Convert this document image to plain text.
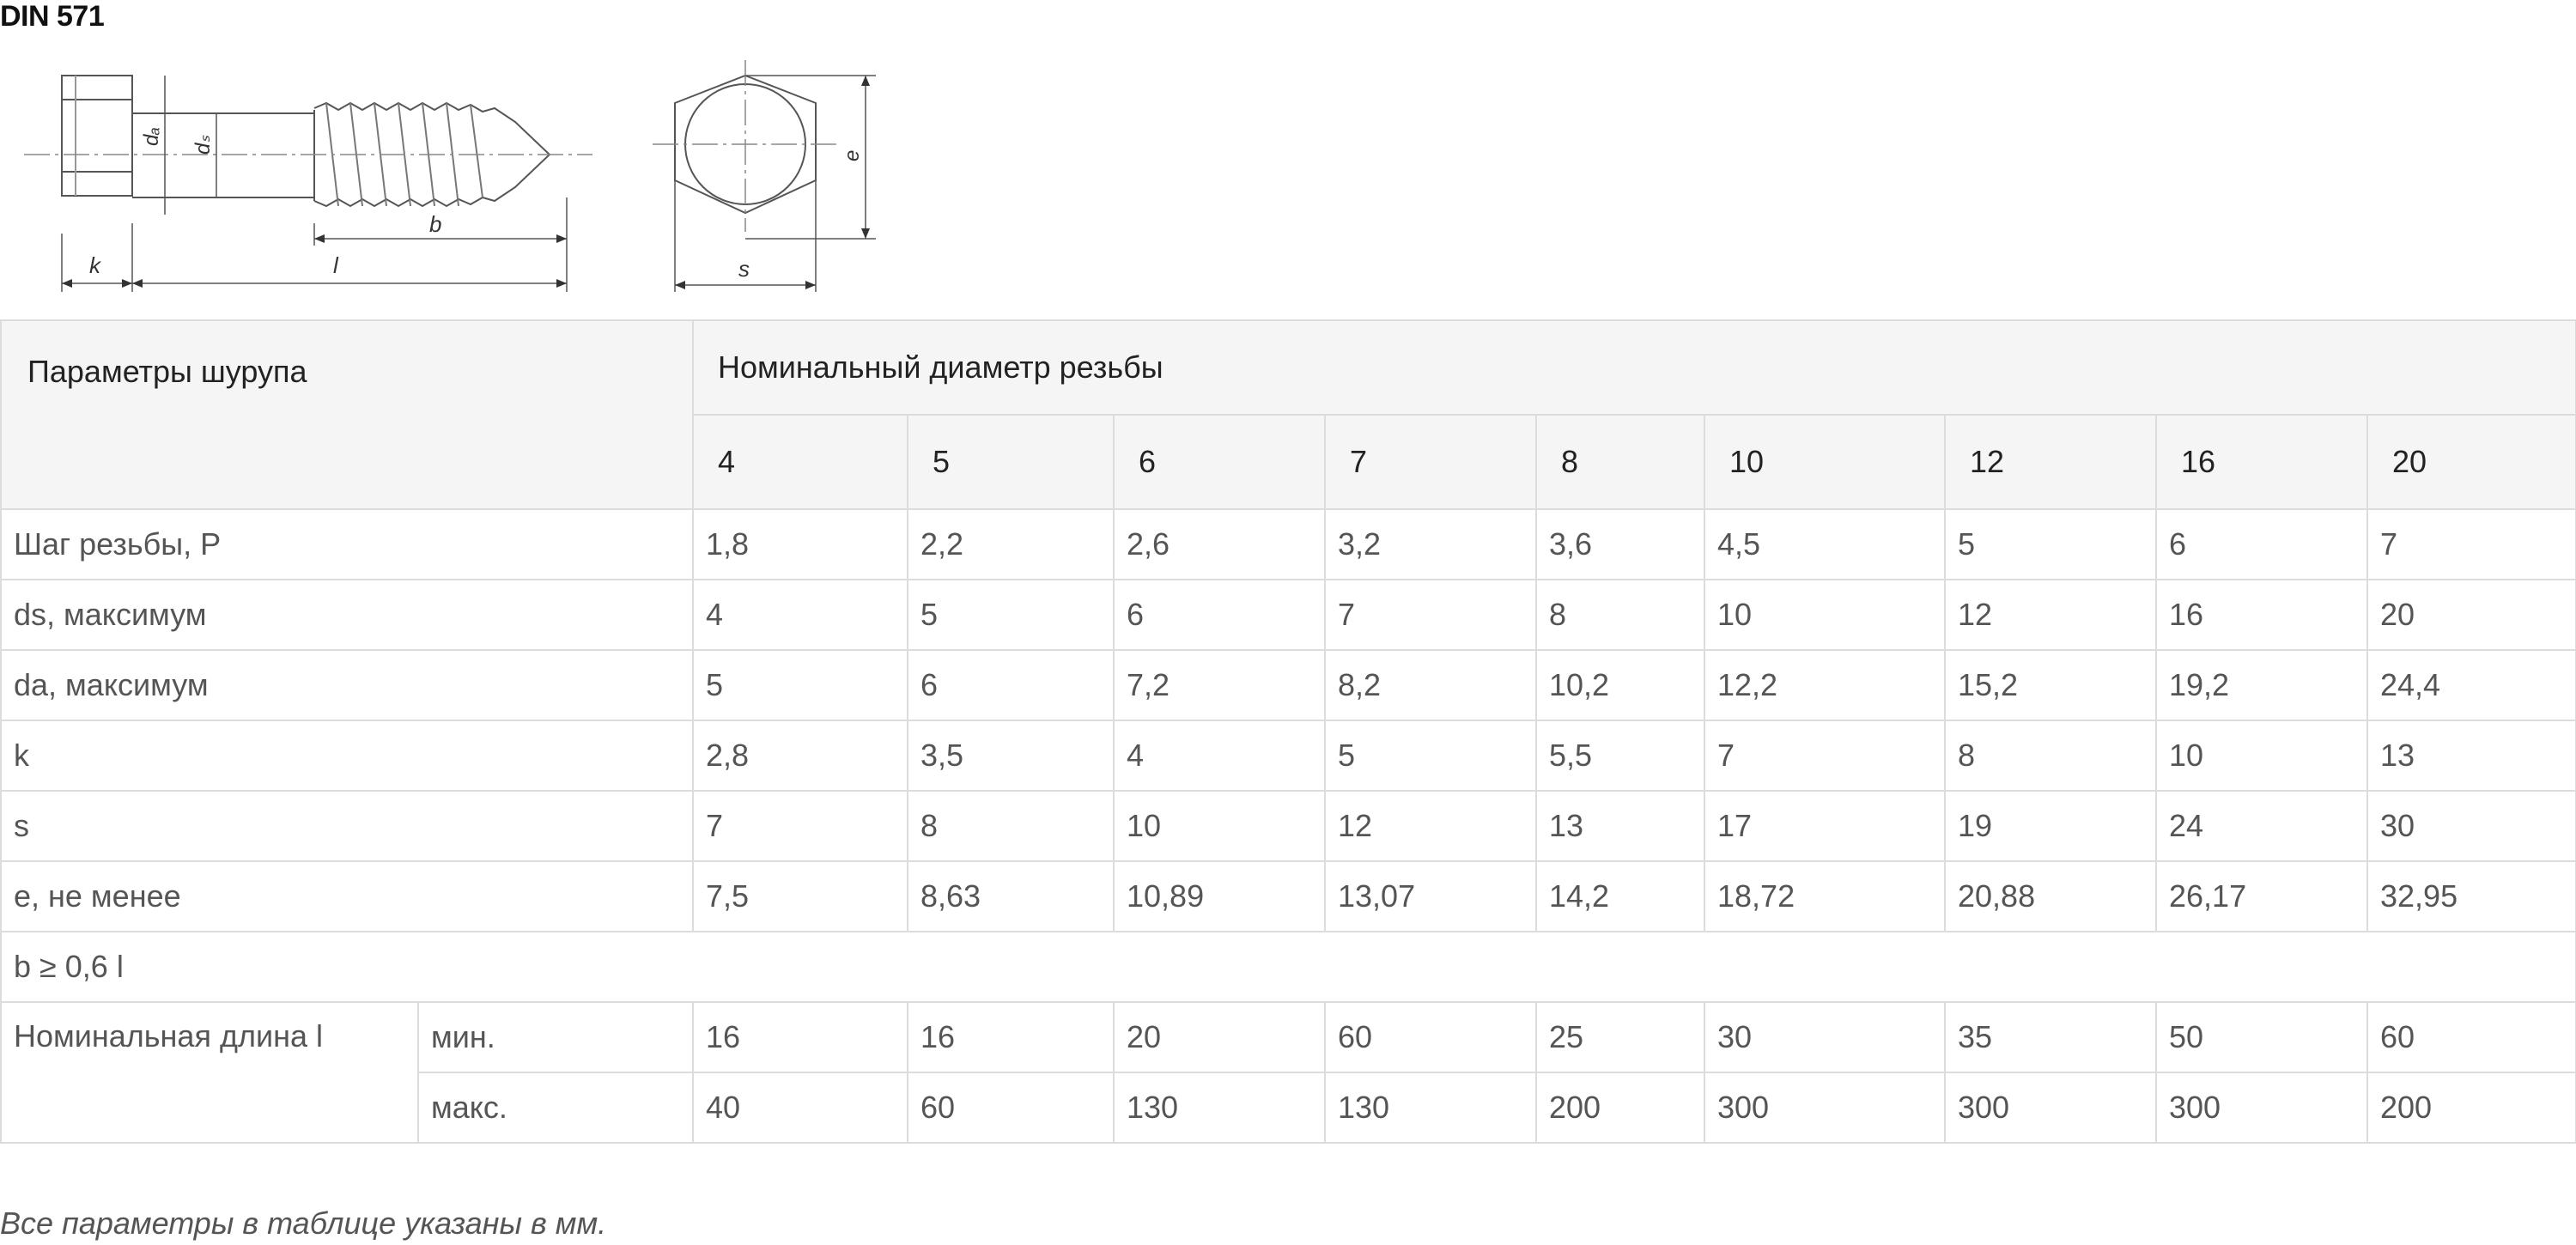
DIN 571
k	l
b
dₐ dₛ
s
e
Параметры шурупа		Номинальный диаметр резьбы								
		4	5	6	7	8	10	12	16	20
Шаг резьбы, P		1,8	2,2	2,6	3,2	3,6	4,5	5	6	7
ds, максимум		4	5	6	7	8	10	12	16	20
da, максимум		5	6	7,2	8,2	10,2	12,2	15,2	19,2	24,4
k		2,8	3,5	4	5	5,5	7	8	10	13
s		7	8	10	12	13	17	19	24	30
e, не менее		7,5	8,63	10,89	13,07	14,2	18,72	20,88	26,17	32,95
b ≥ 0,6 l										
Номинальная длина l	мин.	16	16	20	60	25	30	35	50	60
	макс.	40	60	130	130	200	300	300	300	200
Все параметры в таблице указаны в мм.
